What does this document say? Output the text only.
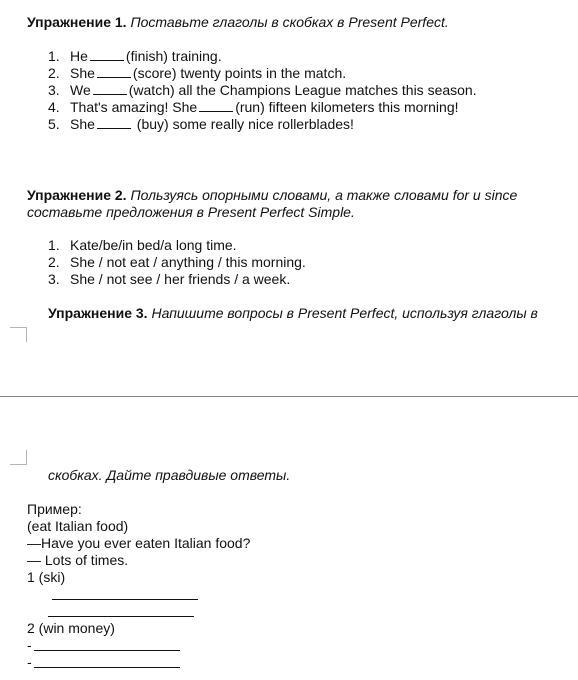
Упражнение 1. Поставьте глаголы в скобках в Present Perfect.
1. He	(finish) training.
2. She	(score) twenty points in the match.
3. We	(watch) all the Champions League matches this season.
4. That's amazing! She	(run) fifteen kilometers this morning!
5. She	(buy) some really nice rollerblades!
Упражнение 2. Пользуясь опорными словами, а также словами for и since
составьте предложения в Present Perfect Simple.
1. Kate/be/in bed/a long time.
2. She / not eat / anything / this morning.
3. She / not see / her friends / a week.
Упражнение 3. Напишите вопросы в Present Perfect, используя глаголы в
скобках. Дайте правдивые ответы.
Пример:
(eat Italian food)
—Have you ever eaten Italian food?
— Lots of times.
1 (ski)
2 (win money)
-
-
